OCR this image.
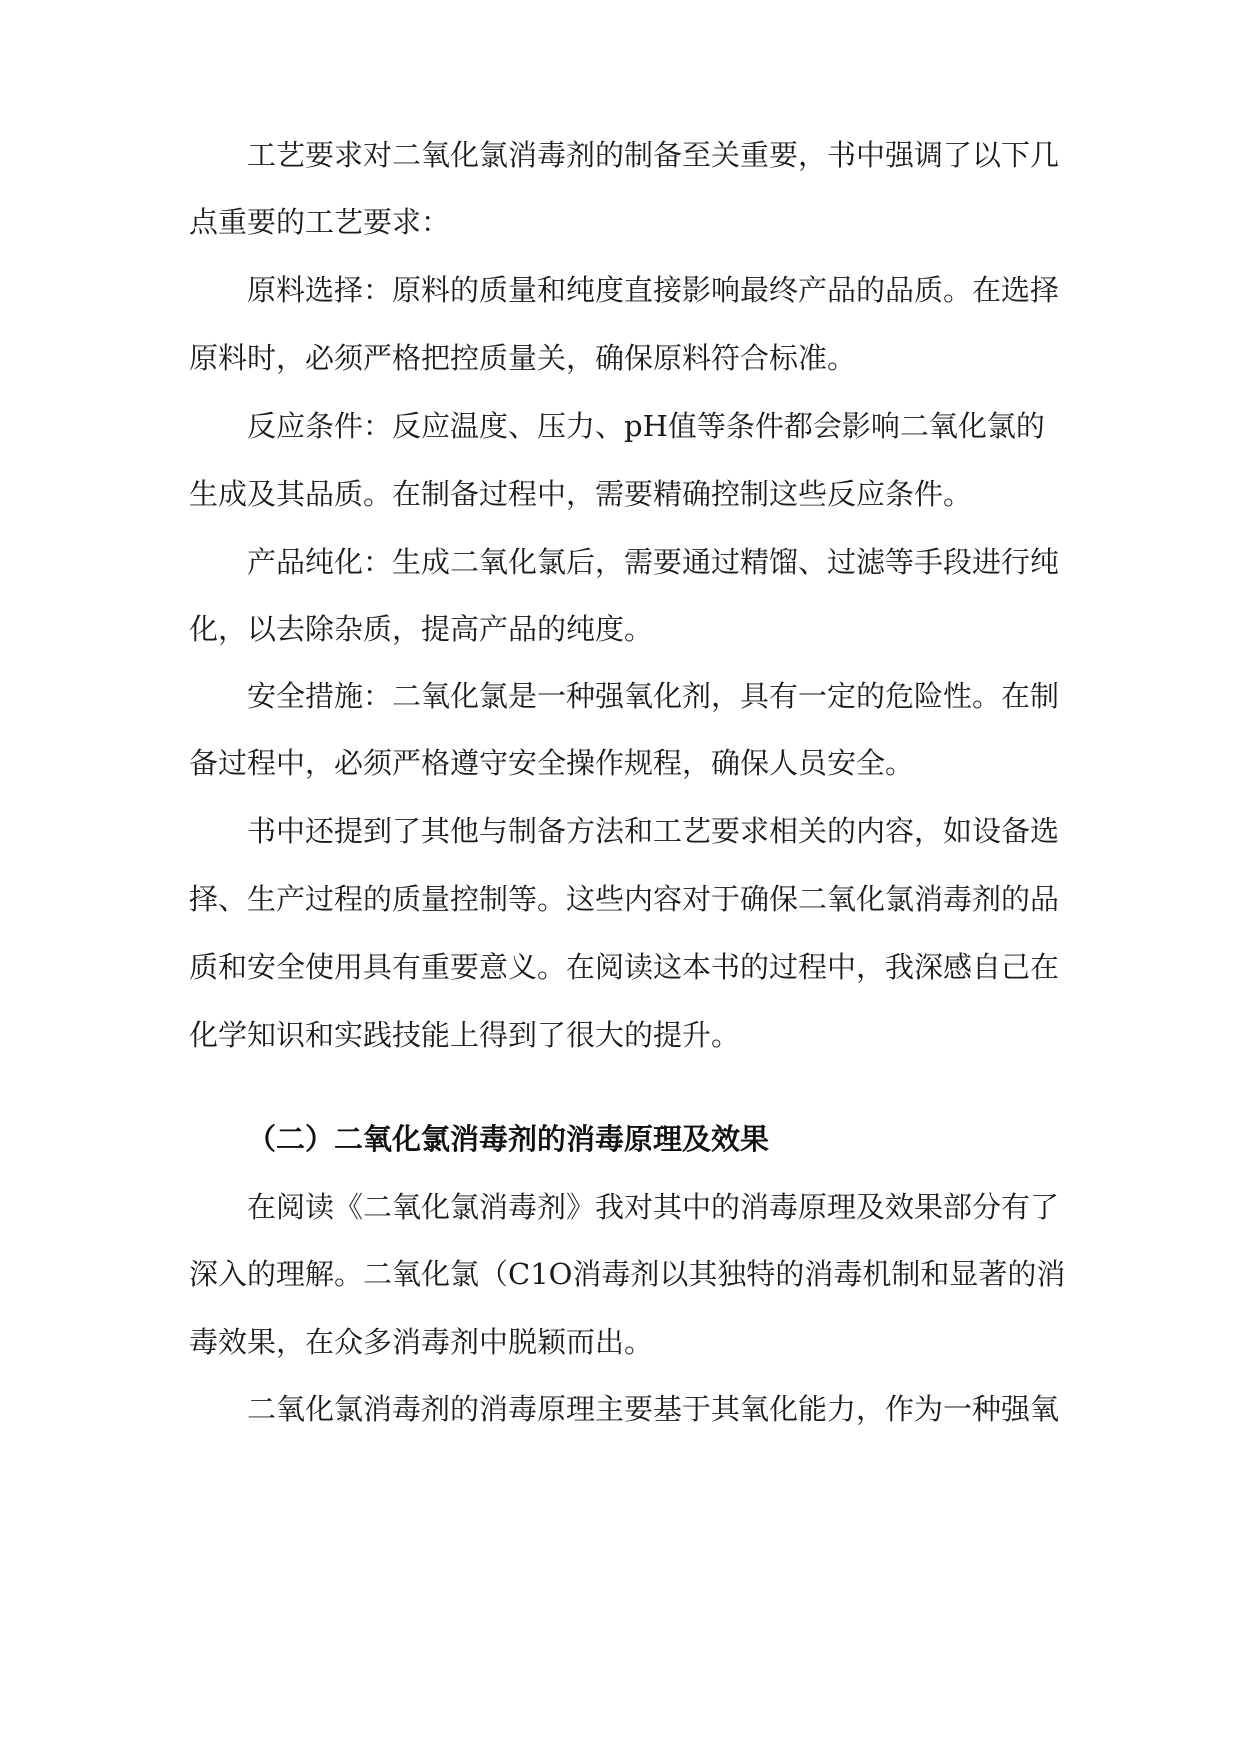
工艺要求对二氧化氯消毒剂的制备至关重要，书中强调了以下几
点重要的工艺要求：
原料选择：原料的质量和纯度直接影响最终产品的品质。在选择
原料时，必须严格把控质量关，确保原料符合标准。
反应条件：反应温度、压力、pH值等条件都会影响二氧化氯的
生成及其品质。在制备过程中，需要精确控制这些反应条件。
产品纯化：生成二氧化氯后，需要通过精馏、过滤等手段进行纯
化，以去除杂质，提高产品的纯度。
安全措施：二氧化氯是一种强氧化剂，具有一定的危险性。在制
备过程中，必须严格遵守安全操作规程，确保人员安全。
书中还提到了其他与制备方法和工艺要求相关的内容，如设备选
择、生产过程的质量控制等。这些内容对于确保二氧化氯消毒剂的品
质和安全使用具有重要意义。在阅读这本书的过程中，我深感自己在
化学知识和实践技能上得到了很大的提升。
（二）二氧化氯消毒剂的消毒原理及效果
在阅读《二氧化氯消毒剂》我对其中的消毒原理及效果部分有了
深入的理解。二氧化氯（C1O消毒剂以其独特的消毒机制和显著的消
毒效果，在众多消毒剂中脱颖而出。
二氧化氯消毒剂的消毒原理主要基于其氧化能力，作为一种强氧
